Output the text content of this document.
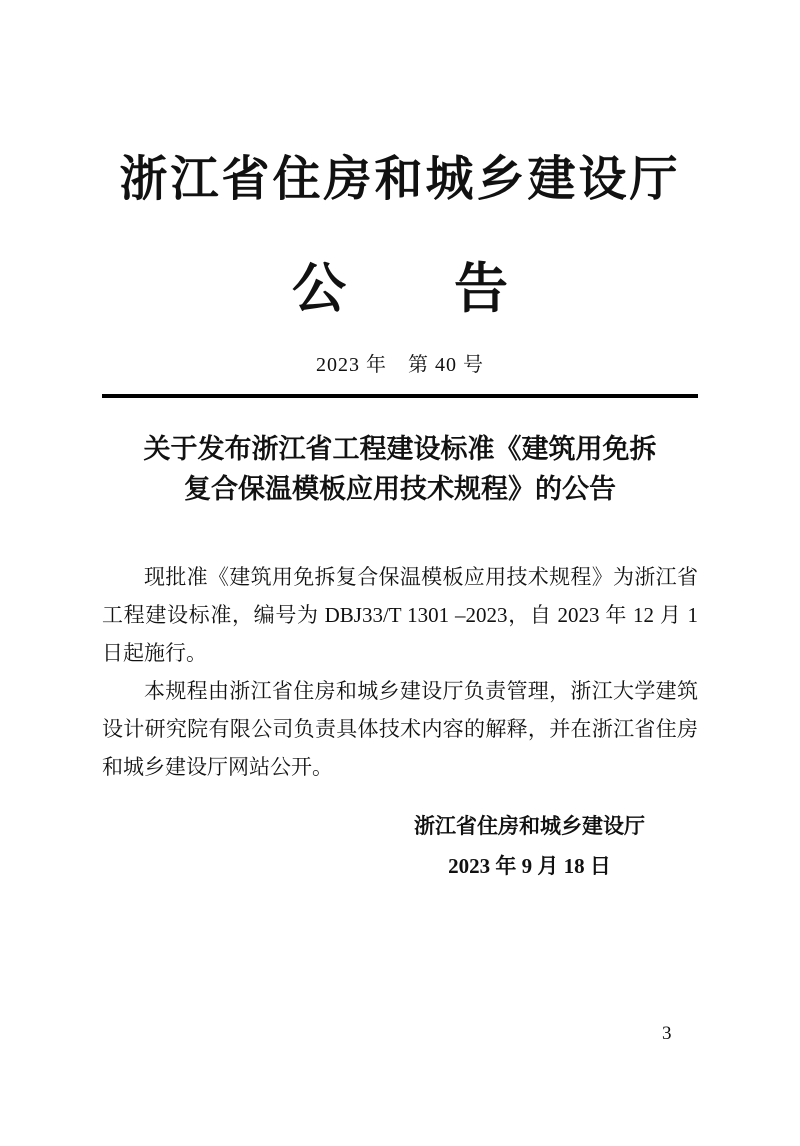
浙江省住房和城乡建设厅
公　　告
2023 年　第 40 号
关于发布浙江省工程建设标准《建筑用免拆
复合保温模板应用技术规程》的公告

现批准《建筑用免拆复合保温模板应用技术规程》为浙江省工程建设标准，编号为 DBJ33/T 1301 –2023，自 2023 年 12 月 1 日起施行。

本规程由浙江省住房和城乡建设厅负责管理，浙江大学建筑设计研究院有限公司负责具体技术内容的解释，并在浙江省住房和城乡建设厅网站公开。

浙江省住房和城乡建设厅
2023 年 9 月 18 日
3
